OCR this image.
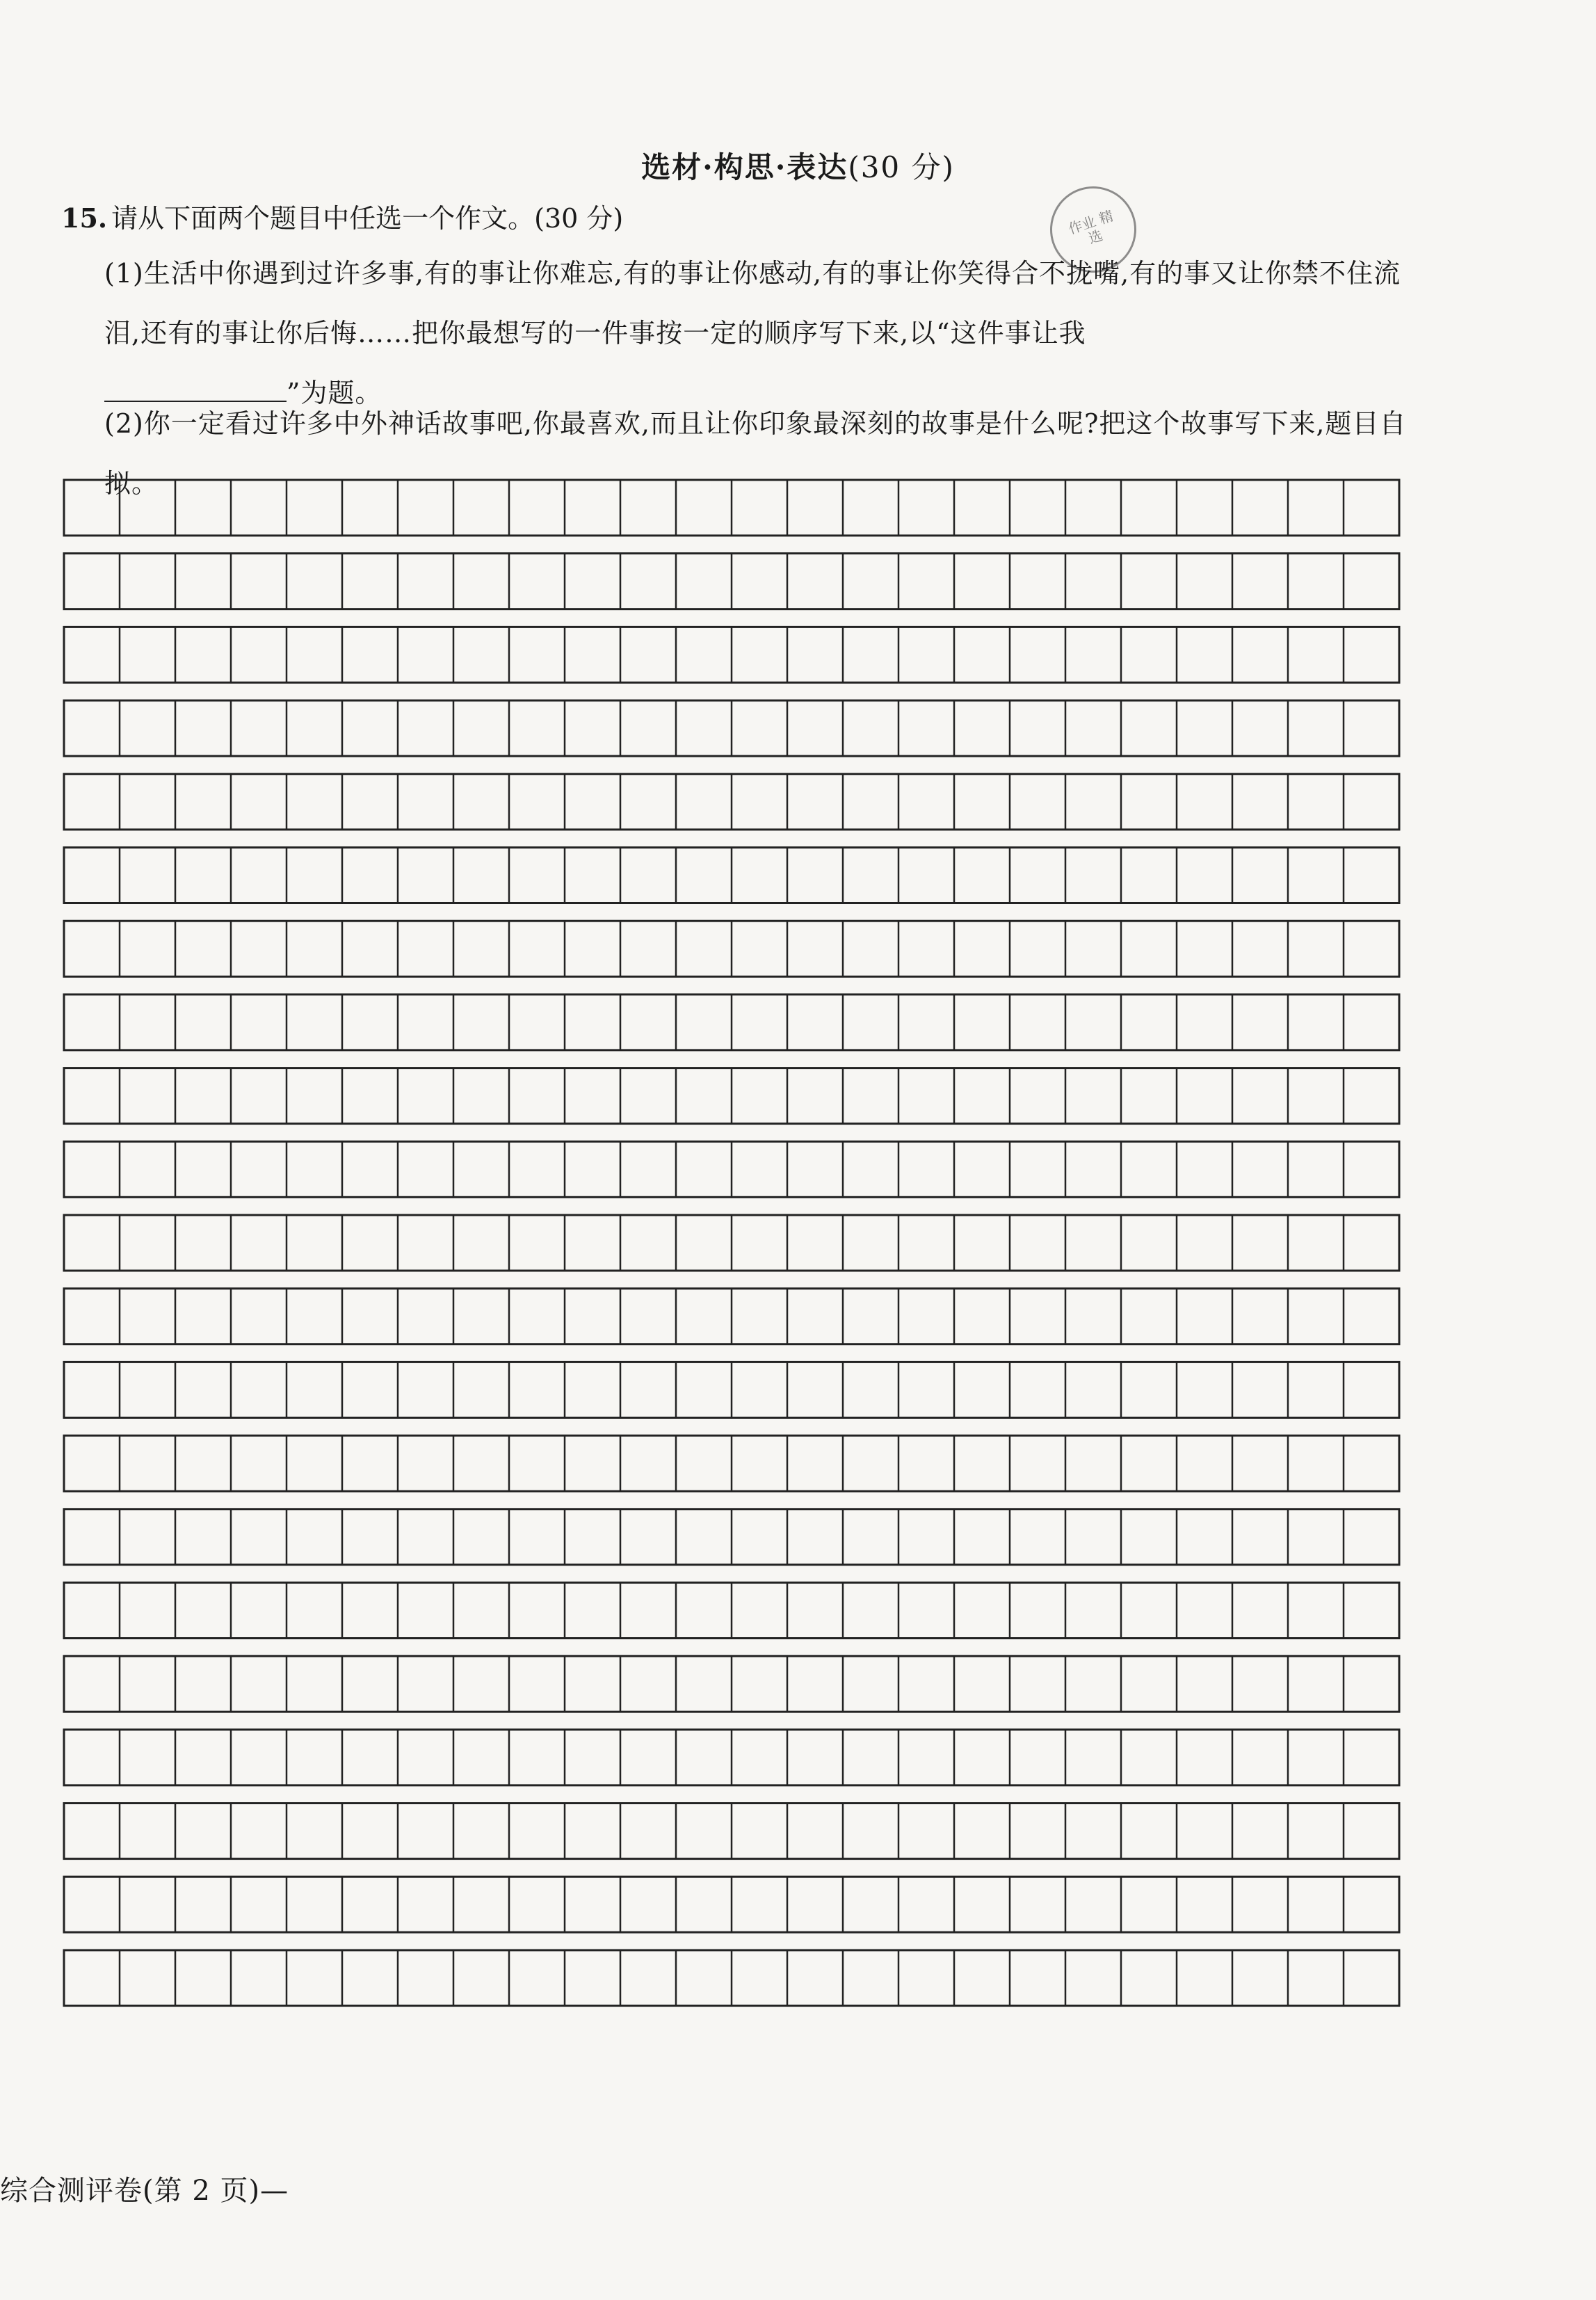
选材·构思·表达(30 分)
15. 请从下面两个题目中任选一个作文。(30 分)	作业 精选
(1)生活中你遇到过许多事,有的事让你难忘,有的事让你感动,有的事让你笑得合不拢嘴,有的事又让你禁不住流泪,还有的事让你后悔……把你最想写的一件事按一定的顺序写下来,以“这件事让我
”为题。
(2)你一定看过许多中外神话故事吧,你最喜欢,而且让你印象最深刻的故事是什么呢?把这个故事写下来,题目自拟。
综合测评卷(第 2 页)—
